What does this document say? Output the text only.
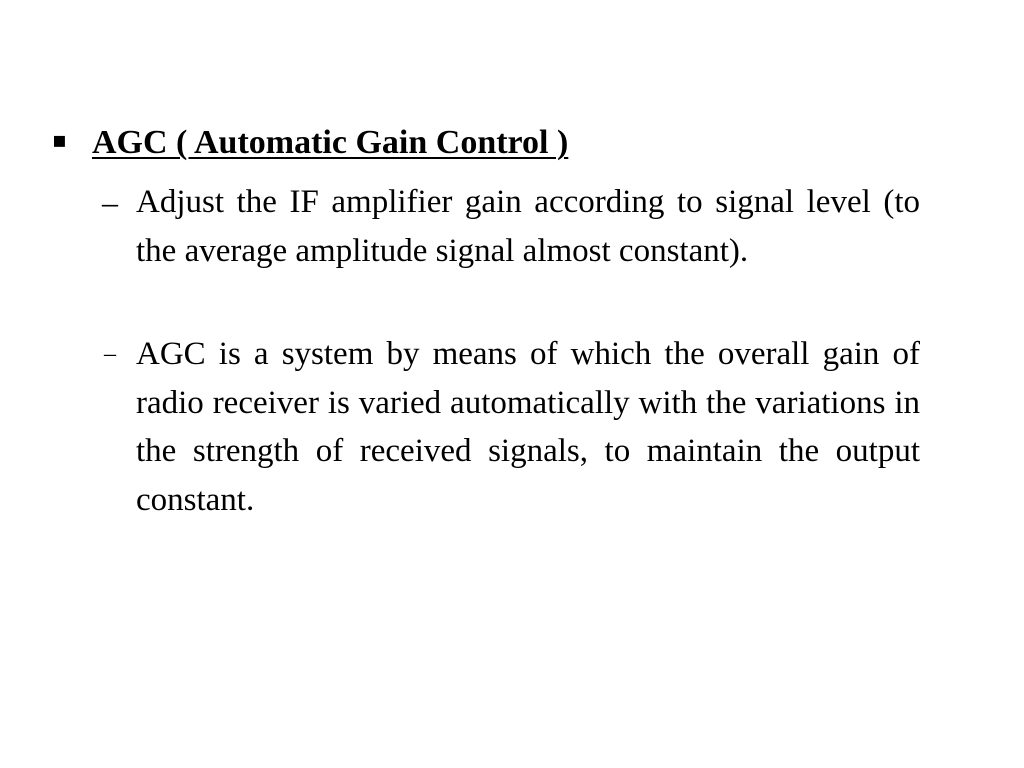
▪ AGC ( Automatic Gain Control )
– Adjust the IF amplifier gain according to signal level (to the average amplitude signal almost constant).
– AGC is a system by means of which the overall gain of radio receiver is varied automatically with the variations in the strength of received signals, to maintain the output constant.
